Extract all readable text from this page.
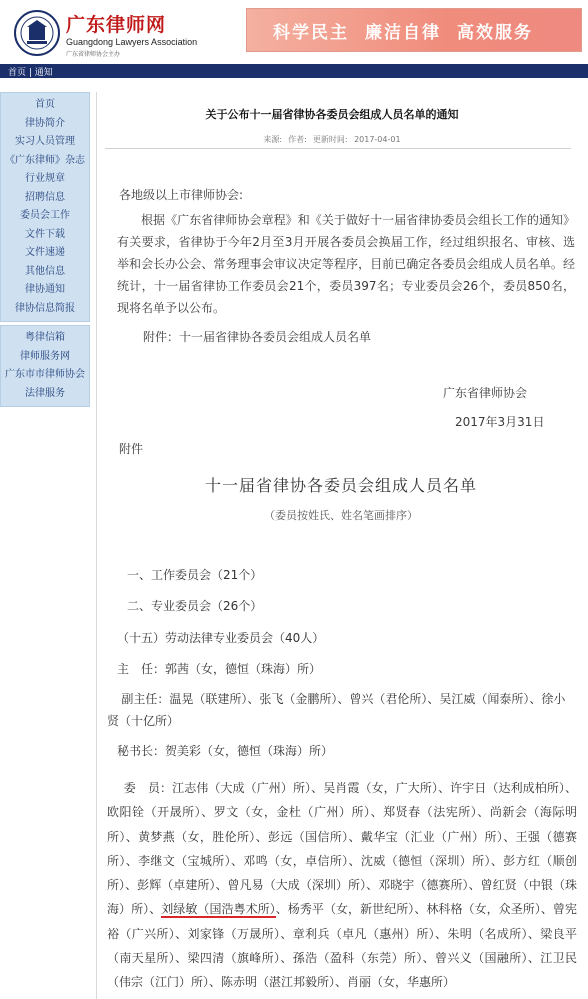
广东律师网
Guangdong Lawyers Association
广东省律师协会主办
科学民主 廉洁自律 高效服务
首页 | 通知
首页
律协简介
实习人员管理
《广东律师》杂志
行业规章
招聘信息
委员会工作
文件下载
文件速递
其他信息
律协通知
律协信息简报
粤律信箱
律师服务网
广东市市律师协会
法律服务
关于公布十一届省律协各委员会组成人员名单的通知
来源: 作者: 更新时间: 2017-04-01
各地级以上市律师协会:
根据《广东省律师协会章程》和《关于做好十一届省律协委员会组长工作的通知》有关要求，省律协于今年2月至3月开展各委员会换届工作，经过组织报名、审核、选举和会长办公会、常务理事会审议决定等程序，目前已确定各委员会组成人员名单。经统计，十一届省律协工作委员会21个，委员397名；专业委员会26个，委员850名，现将名单予以公布。
附件：十一届省律协各委员会组成人员名单
广东省律师协会
2017年3月31日
附件
十一届省律协各委员会组成人员名单
（委员按姓氏、姓名笔画排序）
一、工作委员会（21个）
二、专业委员会（26个）
（十五）劳动法律专业委员会（40人）
主　任：郭茜（女，德恒（珠海）所）
副主任：温晃（联建所）、张飞（金鹏所）、曾兴（君伦所）、吴江威（闻泰所）、徐小贤（十亿所）
秘书长：贺美彩（女，德恒（珠海）所）
委　员：江志伟（大成（广州）所）、吴肖霞（女，广大所）、许宇日（达利成柏所）、欧阳铨（开晟所）、罗文（女，金杜（广州）所）、郑贤春（法宪所）、尚新会（海际明所）、黄梦燕（女，胜伦所）、彭远（国信所）、戴华宝（汇业（广州）所）、王强（德赛所）、李继文（宝城所）、邓鸣（女，卓信所）、沈威（德恒（深圳）所）、彭方红（顺创所）、彭辉（卓建所）、曾凡易（大成（深圳）所）、邓晓宇（德赛所）、曾红贤（中银（珠海）所）、刘绿敏（国浩粤术所）、杨秀平（女，新世纪所）、林科格（女，众圣所）、曾宪裕（广兴所）、刘家锋（万晟所）、章利兵（卓凡（惠州）所）、朱明（名成所）、梁良平（南天星所）、梁四清（旗峰所）、孫浩（盈科（东莞）所）、曾兴义（国融所）、江卫民（伟宗（江门）所）、陈赤明（湛江邦毅所）、肖丽（女，华惠所）
